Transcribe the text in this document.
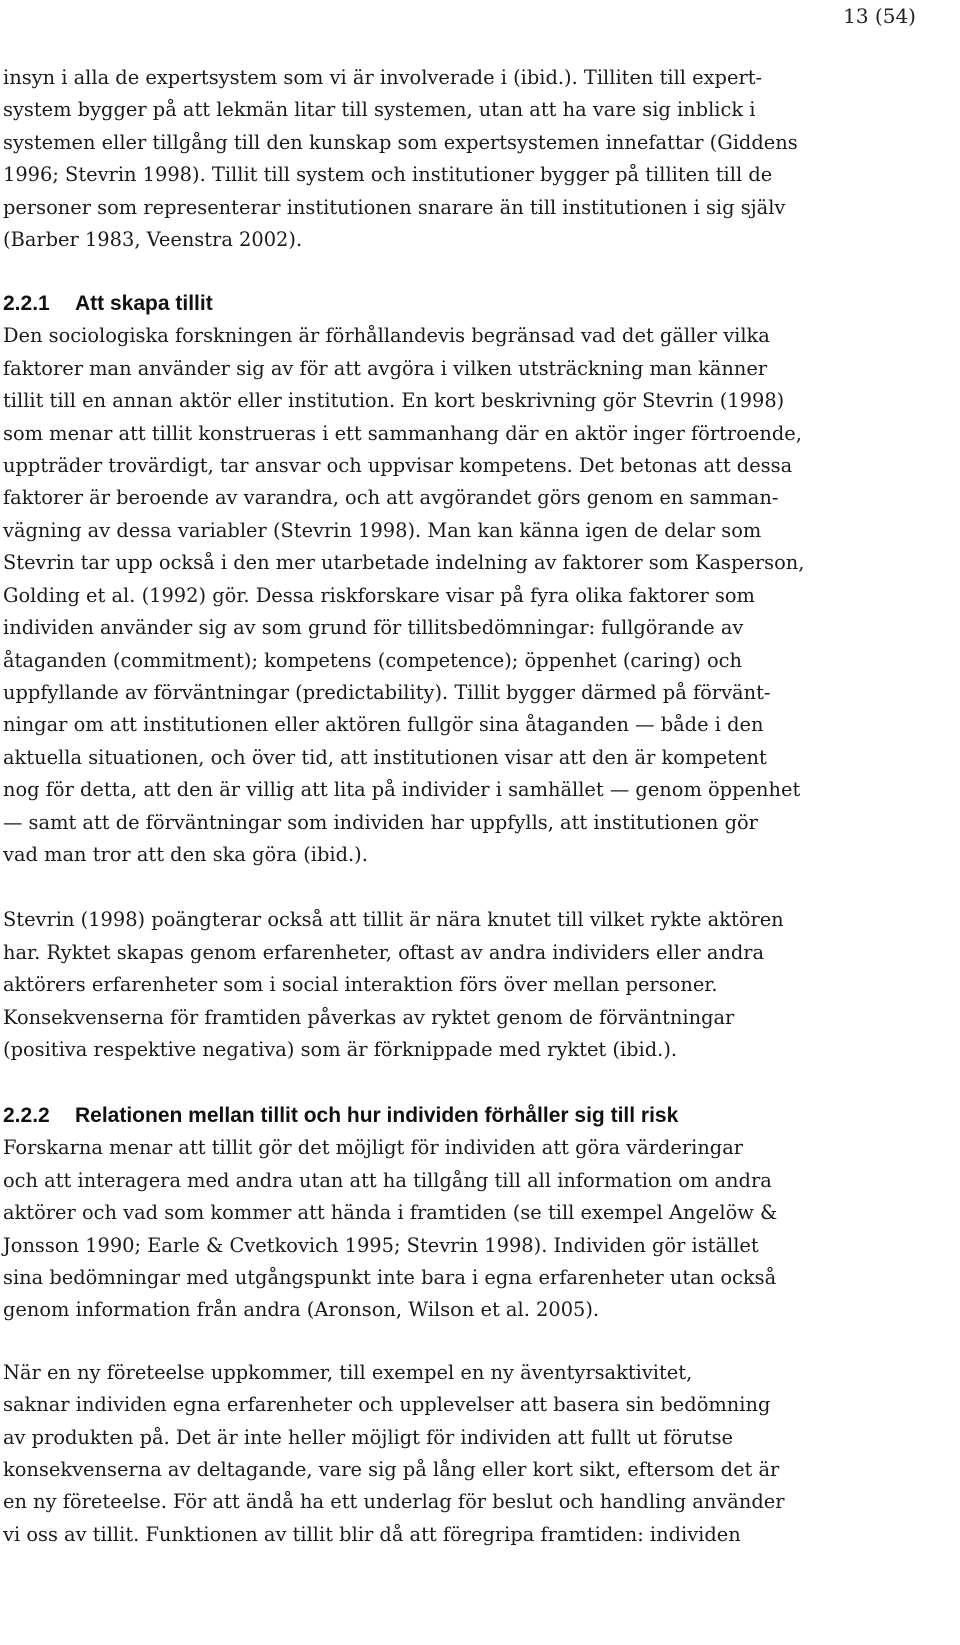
13 (54)

insyn i alla de expertsystem som vi är involverade i (ibid.). Tilliten till expert-
system bygger på att lekmän litar till systemen, utan att ha vare sig inblick i
systemen eller tillgång till den kunskap som expertsystemen innefattar (Giddens
1996; Stevrin 1998). Tillit till system och institutioner bygger på tilliten till de
personer som representerar institutionen snarare än till institutionen i sig själv
(Barber 1983, Veenstra 2002).

2.2.1 Att skapa tillit

Den sociologiska forskningen är förhållandevis begränsad vad det gäller vilka
faktorer man använder sig av för att avgöra i vilken utsträckning man känner
tillit till en annan aktör eller institution. En kort beskrivning gör Stevrin (1998)
som menar att tillit konstrueras i ett sammanhang där en aktör inger förtroende,
uppträder trovärdigt, tar ansvar och uppvisar kompetens. Det betonas att dessa
faktorer är beroende av varandra, och att avgörandet görs genom en samman-
vägning av dessa variabler (Stevrin 1998). Man kan känna igen de delar som
Stevrin tar upp också i den mer utarbetade indelning av faktorer som Kasperson,
Golding et al. (1992) gör. Dessa riskforskare visar på fyra olika faktorer som
individen använder sig av som grund för tillitsbedömningar: fullgörande av
åtaganden (commitment); kompetens (competence); öppenhet (caring) och
uppfyllande av förväntningar (predictability). Tillit bygger därmed på förvänt-
ningar om att institutionen eller aktören fullgör sina åtaganden — både i den
aktuella situationen, och över tid, att institutionen visar att den är kompetent
nog för detta, att den är villig att lita på individer i samhället — genom öppenhet
— samt att de förväntningar som individen har uppfylls, att institutionen gör
vad man tror att den ska göra (ibid.).

Stevrin (1998) poängterar också att tillit är nära knutet till vilket rykte aktören
har. Ryktet skapas genom erfarenheter, oftast av andra individers eller andra
aktörers erfarenheter som i social interaktion förs över mellan personer.
Konsekvenserna för framtiden påverkas av ryktet genom de förväntningar
(positiva respektive negativa) som är förknippade med ryktet (ibid.).

2.2.2 Relationen mellan tillit och hur individen förhåller sig till risk

Forskarna menar att tillit gör det möjligt för individen att göra värderingar
och att interagera med andra utan att ha tillgång till all information om andra
aktörer och vad som kommer att hända i framtiden (se till exempel Angelöw &
Jonsson 1990; Earle & Cvetkovich 1995; Stevrin 1998). Individen gör istället
sina bedömningar med utgångspunkt inte bara i egna erfarenheter utan också
genom information från andra (Aronson, Wilson et al. 2005).

När en ny företeelse uppkommer, till exempel en ny äventyrsaktivitet,
saknar individen egna erfarenheter och upplevelser att basera sin bedömning
av produkten på. Det är inte heller möjligt för individen att fullt ut förutse
konsekvenserna av deltagande, vare sig på lång eller kort sikt, eftersom det är
en ny företeelse. För att ändå ha ett underlag för beslut och handling använder
vi oss av tillit. Funktionen av tillit blir då att föregripa framtiden: individen
